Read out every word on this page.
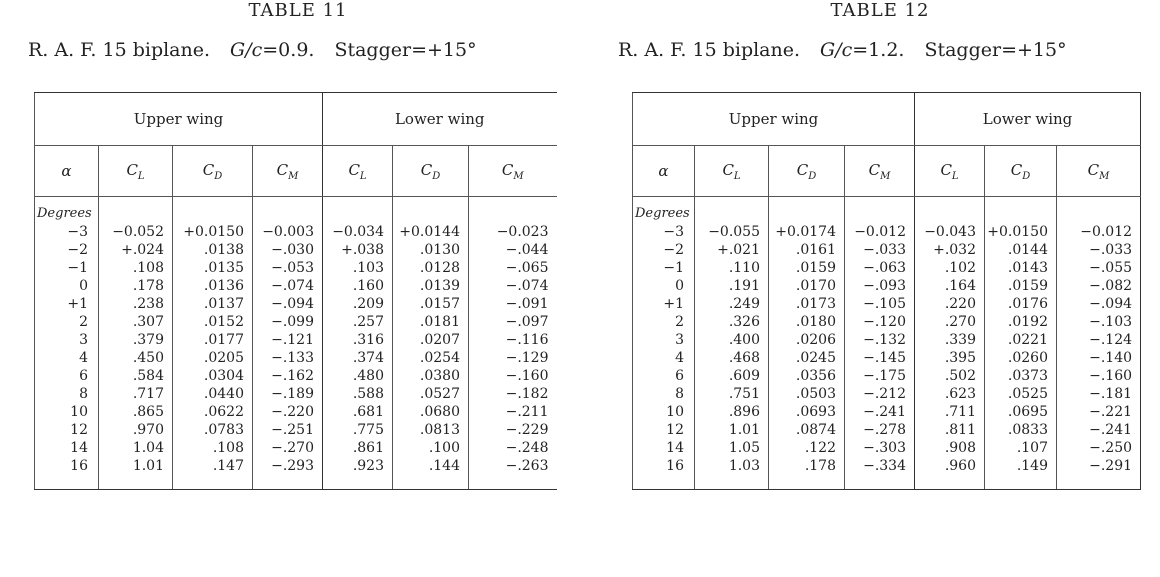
TABLE 11
R. A. F. 15 biplane. G/c=0.9. Stagger=+15°
Upper wing				Lower wing		
α	$C_L$	$C_D$	$C_M$	$C_L$	$C_D$	$C_M$
Degrees						
−3	−0.052	+0.0150	−0.003	−0.034	+0.0144	−0.023
−2	+.024	.0138	−.030	+.038	.0130	−.044
−1	.108	.0135	−.053	.103	.0128	−.065
0	.178	.0136	−.074	.160	.0139	−.074
+1	.238	.0137	−.094	.209	.0157	−.091
2	.307	.0152	−.099	.257	.0181	−.097
3	.379	.0177	−.121	.316	.0207	−.116
4	.450	.0205	−.133	.374	.0254	−.129
6	.584	.0304	−.162	.480	.0380	−.160
8	.717	.0440	−.189	.588	.0527	−.182
10	.865	.0622	−.220	.681	.0680	−.211
12	.970	.0783	−.251	.775	.0813	−.229
14	1.04	.108	−.270	.861	.100	−.248
16	1.01	.147	−.293	.923	.144	−.263

TABLE 12
R. A. F. 15 biplane. G/c=1.2. Stagger=+15°
Upper wing				Lower wing		
α	$C_L$	$C_D$	$C_M$	$C_L$	$C_D$	$C_M$
Degrees						
−3	−0.055	+0.0174	−0.012	−0.043	+0.0150	−0.012
−2	+.021	.0161	−.033	+.032	.0144	−.033
−1	.110	.0159	−.063	.102	.0143	−.055
0	.191	.0170	−.093	.164	.0159	−.082
+1	.249	.0173	−.105	.220	.0176	−.094
2	.326	.0180	−.120	.270	.0192	−.103
3	.400	.0206	−.132	.339	.0221	−.124
4	.468	.0245	−.145	.395	.0260	−.140
6	.609	.0356	−.175	.502	.0373	−.160
8	.751	.0503	−.212	.623	.0525	−.181
10	.896	.0693	−.241	.711	.0695	−.221
12	1.01	.0874	−.278	.811	.0833	−.241
14	1.05	.122	−.303	.908	.107	−.250
16	1.03	.178	−.334	.960	.149	−.291
